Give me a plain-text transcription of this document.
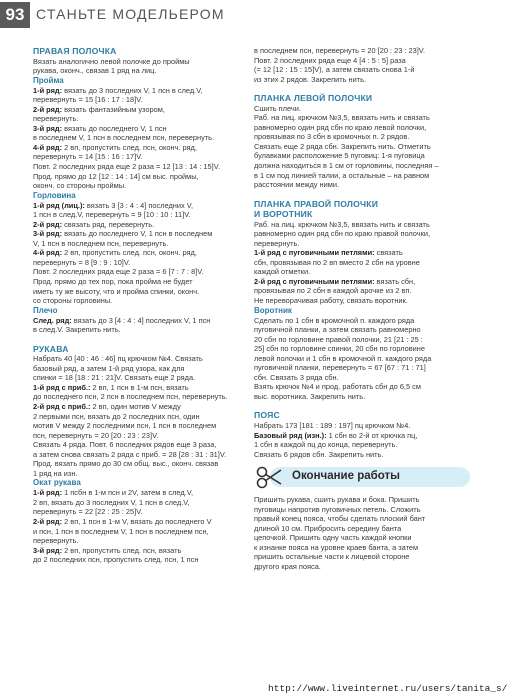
93 СТАНЬТЕ МОДЕЛЬЕРОМ

ПРАВАЯ ПОЛОЧКА

Вязать аналогично левой полочке до проймы

рукава, оконч., связав 1 ряд на лиц.

Пройма

1-й ряд: вязать до 3 последних V, 1 псн в след.V,

перевернуть = 15 [16 : 17 : 18]V.

2-й ряд: вязать фантазийным узором,

перевернуть.

3-й ряд: вязать до последнего V, 1 псн

в последнем V, 1 псн в последнем псн, перевернуть.

4-й ряд: 2 вп, пропустить след. псн, оконч. ряд,

перевернуть = 14 [15 : 16 : 17]V.

Повт. 2 последних ряда еще 2 раза = 12 [13 : 14 : 15]V.

Прод. прямо до 12 [12 : 14 : 14] см выс. проймы,

оконч. со стороны проймы.

Горловина

1-й ряд (лиц.): вязать 3 [3 : 4 : 4] последних V,

1 псн в след.V, перевернуть = 9 [10 : 10 : 11]V.

2-й ряд: связать ряд, перевернуть.

3-й ряд: вязать до последнего V, 1 псн в последнем

V, 1 псн в последнем псн, перевернуть.

4-й ряд: 2 вп, пропустить след. псн, оконч. ряд,

перевернуть = 8 [9 : 9 : 10]V.

Повт. 2 последних ряда еще 2 раза = 6 [7 : 7 : 8]V.

Прод. прямо до тех пор, пока пройма не будет

иметь ту же высоту, что и пройма спинки, оконч.

со стороны горловины.

Плечо

След. ряд: вязать до 3 [4 : 4 : 4] последних V, 1 псн

в след.V. Закрепить нить.

РУКАВА

Набрать 40 [40 : 46 : 46] пц крючком №4. Связать

базовый ряд, а затем 1-й ряд узора, как для

спинки = 18 [18 : 21 : 21]V. Связать еще 2 ряда.

1-й ряд с приб.: 2 вп, 1 псн в 1-м псн, вязать

до последнего псн, 2 псн в последнем псн, перевернуть.

2-й ряд с приб.: 2 вп, один мотив V между

2 первыми псн, вязать до 2 последних псн, один

мотив V между 2 последними псн, 1 псн в последнем

псн, перевернуть = 20 [20 : 23 : 23]V.

Связать 4 ряда. Повт. 6 последних рядов еще 3 раза,

а затем снова связать 2 ряда с приб. = 28 [28 : 31 : 31]V.

Прод. вязать прямо до 30 см общ. выс., оконч. связав

1 ряд на изн.

Окат рукава

1-й ряд: 1 псбн в 1-м псн и 2V, затем в след.V,

2 вп, вязать до 3 последних V, 1 псн в след.V,

перевернуть = 22 [22 : 25 : 25]V.

2-й ряд: 2 вп, 1 псн в 1-м V, вязать до последнего V

и псн, 1 псн в последнем V, 1 псн в последнем псн,

перевернуть.

3-й ряд: 2 вп, пропустить след. псн, вязать

до 2 последних псн, пропустить след. псн, 1 псн

в последнем псн, перевернуть = 20 [20 : 23 : 23]V.

Повт. 2 последних ряда еще 4 [4 : 5 : 5] раза

(= 12 [12 : 15 : 15]V), а затем связать снова 1-й

из этих 2 рядов. Закрепить нить.

ПЛАНКА ЛЕВОЙ ПОЛОЧКИ

Сшить плечи.

Раб. на лиц. крючком №3,5, ввязать нить и связать

равномерно один ряд сбн по краю левой полочки,

провязывая по 3 сбн в кромочных п. 2 рядов.

Связать еще 2 ряда сбн. Закрепить нить. Отметить

булавками расположение 5 пуговиц: 1-я пуговица

должна находиться в 1 см от горловины, последняя –

в 1 см под линией талии, а остальные – на равном

расстоянии между ними.

ПЛАНКА ПРАВОЙ ПОЛОЧКИ

И ВОРОТНИК

Раб. на лиц. крючком №3,5, ввязать нить и связать

равномерно один ряд сбн по краю правой полочки,

перевернуть.

1-й ряд с пуговичными петлями: связать

сбн, провязывая по 2 вп вместо 2 сбн на уровне

каждой отметки.

2-й ряд с пуговичными петлями: вязать сбн,

провязывая по 2 сбн в каждой арочке из 2 вп.

Не переворачивая работу, связать воротник.

Воротник

Сделать по 1 сбн в кромочной п. каждого ряда

пуговичной планки, а затем связать равномерно

20 сбн по горловине правой полочки, 21 [21 : 25 :

25] сбн по горловине спинки, 20 сбн по горловине

левой полочки и 1 сбн в кромочной п. каждого ряда

пуговичной планки, перевернуть = 67 [67 : 71 : 71]

сбн. Связать 3 ряда сбн.

Взять крючок №4 и прод. работать сбн до 6,5 см

выс. воротника. Закрепить нить.

ПОЯС

Набрать 173 [181 : 189 : 197] пц крючком №4.

Базовый ряд (изн.): 1 сбн во 2-й от крючка пц,

1 сбн в каждой пц до конца, перевернуть.

Связать 6 рядов сбн. Закрепить нить.

Окончание работы

Пришить рукава, сшить рукава и бока. Пришить

пуговицы напротив пуговичных петель. Сложить

правый конец пояса, чтобы сделать плоский бант

длиной 10 см. Прибросить середину банта

цепочкой. Пришить одну часть каждой кнопки

к изнанке пояса на уровне краев банта, а затем

пришить остальные части к лицевой стороне

другого края пояса.

http://www.liveinternet.ru/users/tanita_s/
